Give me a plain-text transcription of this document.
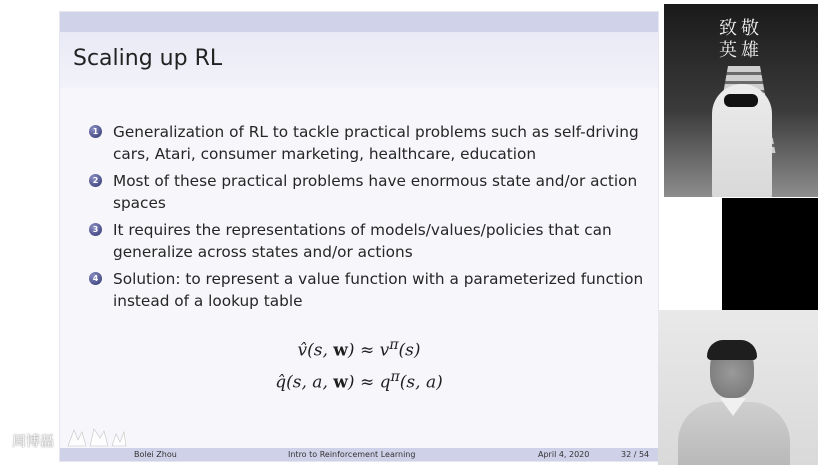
Scaling up RL
1 Generalization of RL to tackle practical problems such as self-driving cars, Atari, consumer marketing, healthcare, education
2 Most of these practical problems have enormous state and/or action spaces
3 It requires the representations of models/values/policies that can generalize across states and/or actions
4 Solution: to represent a value function with a parameterized function instead of a lookup table
v̂(s, $w) \approx v^\pi(s)$
q̂(s, a, $w) \approx q^\pi(s$, a)
Bolei Zhou	Intro to Reinforcement Learning	April 4, 2020	32 / 54
致敬
英雄
周博磊
